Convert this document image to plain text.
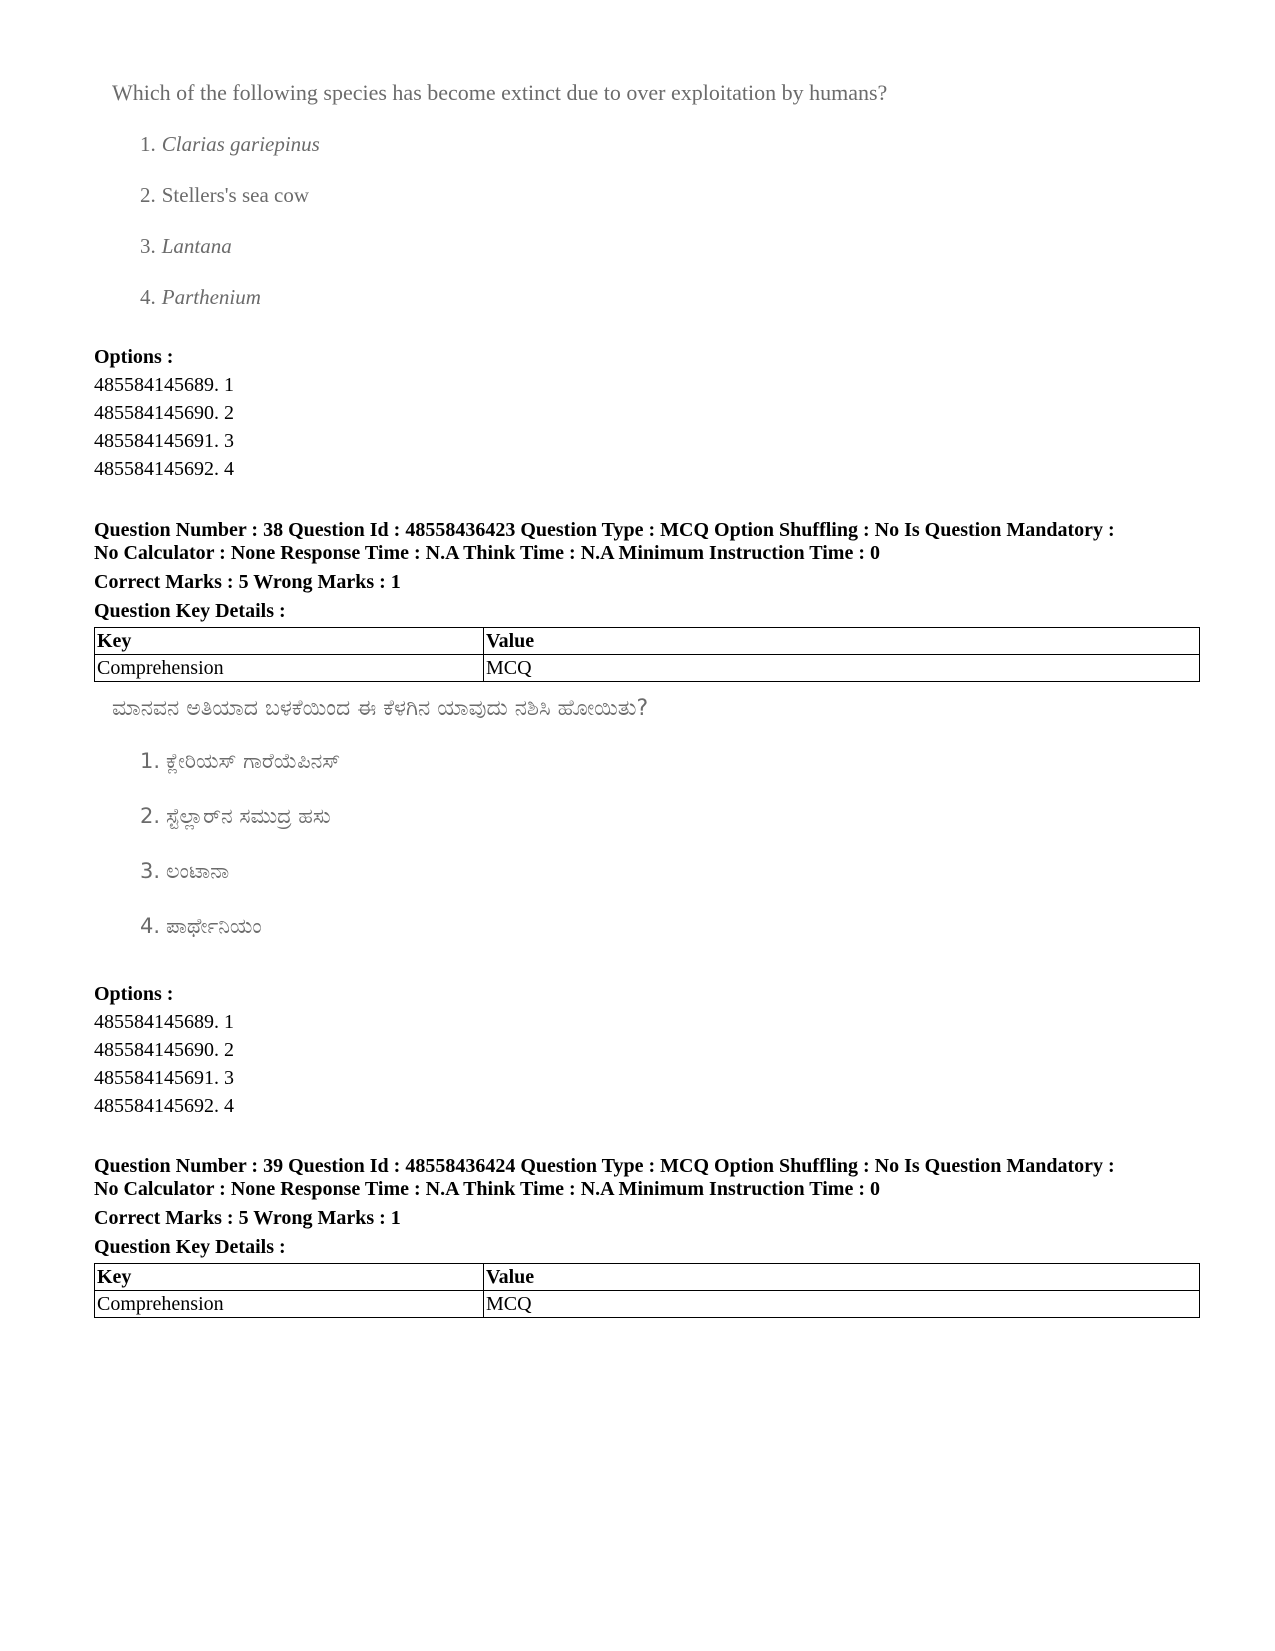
Which of the following species has become extinct due to over exploitation by humans?

1. Clarias gariepinus
2. Stellers's sea cow
3. Lantana
4. Parthenium
Options :
485584145689. 1
485584145690. 2
485584145691. 3
485584145692. 4
Question Number : 38 Question Id : 48558436423 Question Type : MCQ Option Shuffling : No Is Question Mandatory :
No Calculator : None Response Time : N.A Think Time : N.A Minimum Instruction Time : 0
Correct Marks : 5 Wrong Marks : 1
Question Key Details :
Key	Value
Comprehension	MCQ

ಮಾನವನ ಅತಿಯಾದ ಬಳಕೆಯಿಂದ ಈ ಕೆಳಗಿನ ಯಾವುದು ನಶಿಸಿ ಹೋಯಿತು?

1. ಕ್ಲೇರಿಯಸ್ ಗಾರೆಯೆಪಿನಸ್
2. ಸ್ಟೆಲ್ಲಾರ್‌ನ ಸಮುದ್ರ ಹಸು
3. ಲಂಟಾನಾ
4. ಪಾರ್ಥೇನಿಯಂ
Options :
485584145689. 1
485584145690. 2
485584145691. 3
485584145692. 4
Question Number : 39 Question Id : 48558436424 Question Type : MCQ Option Shuffling : No Is Question Mandatory :
No Calculator : None Response Time : N.A Think Time : N.A Minimum Instruction Time : 0
Correct Marks : 5 Wrong Marks : 1
Question Key Details :
Key	Value
Comprehension	MCQ
